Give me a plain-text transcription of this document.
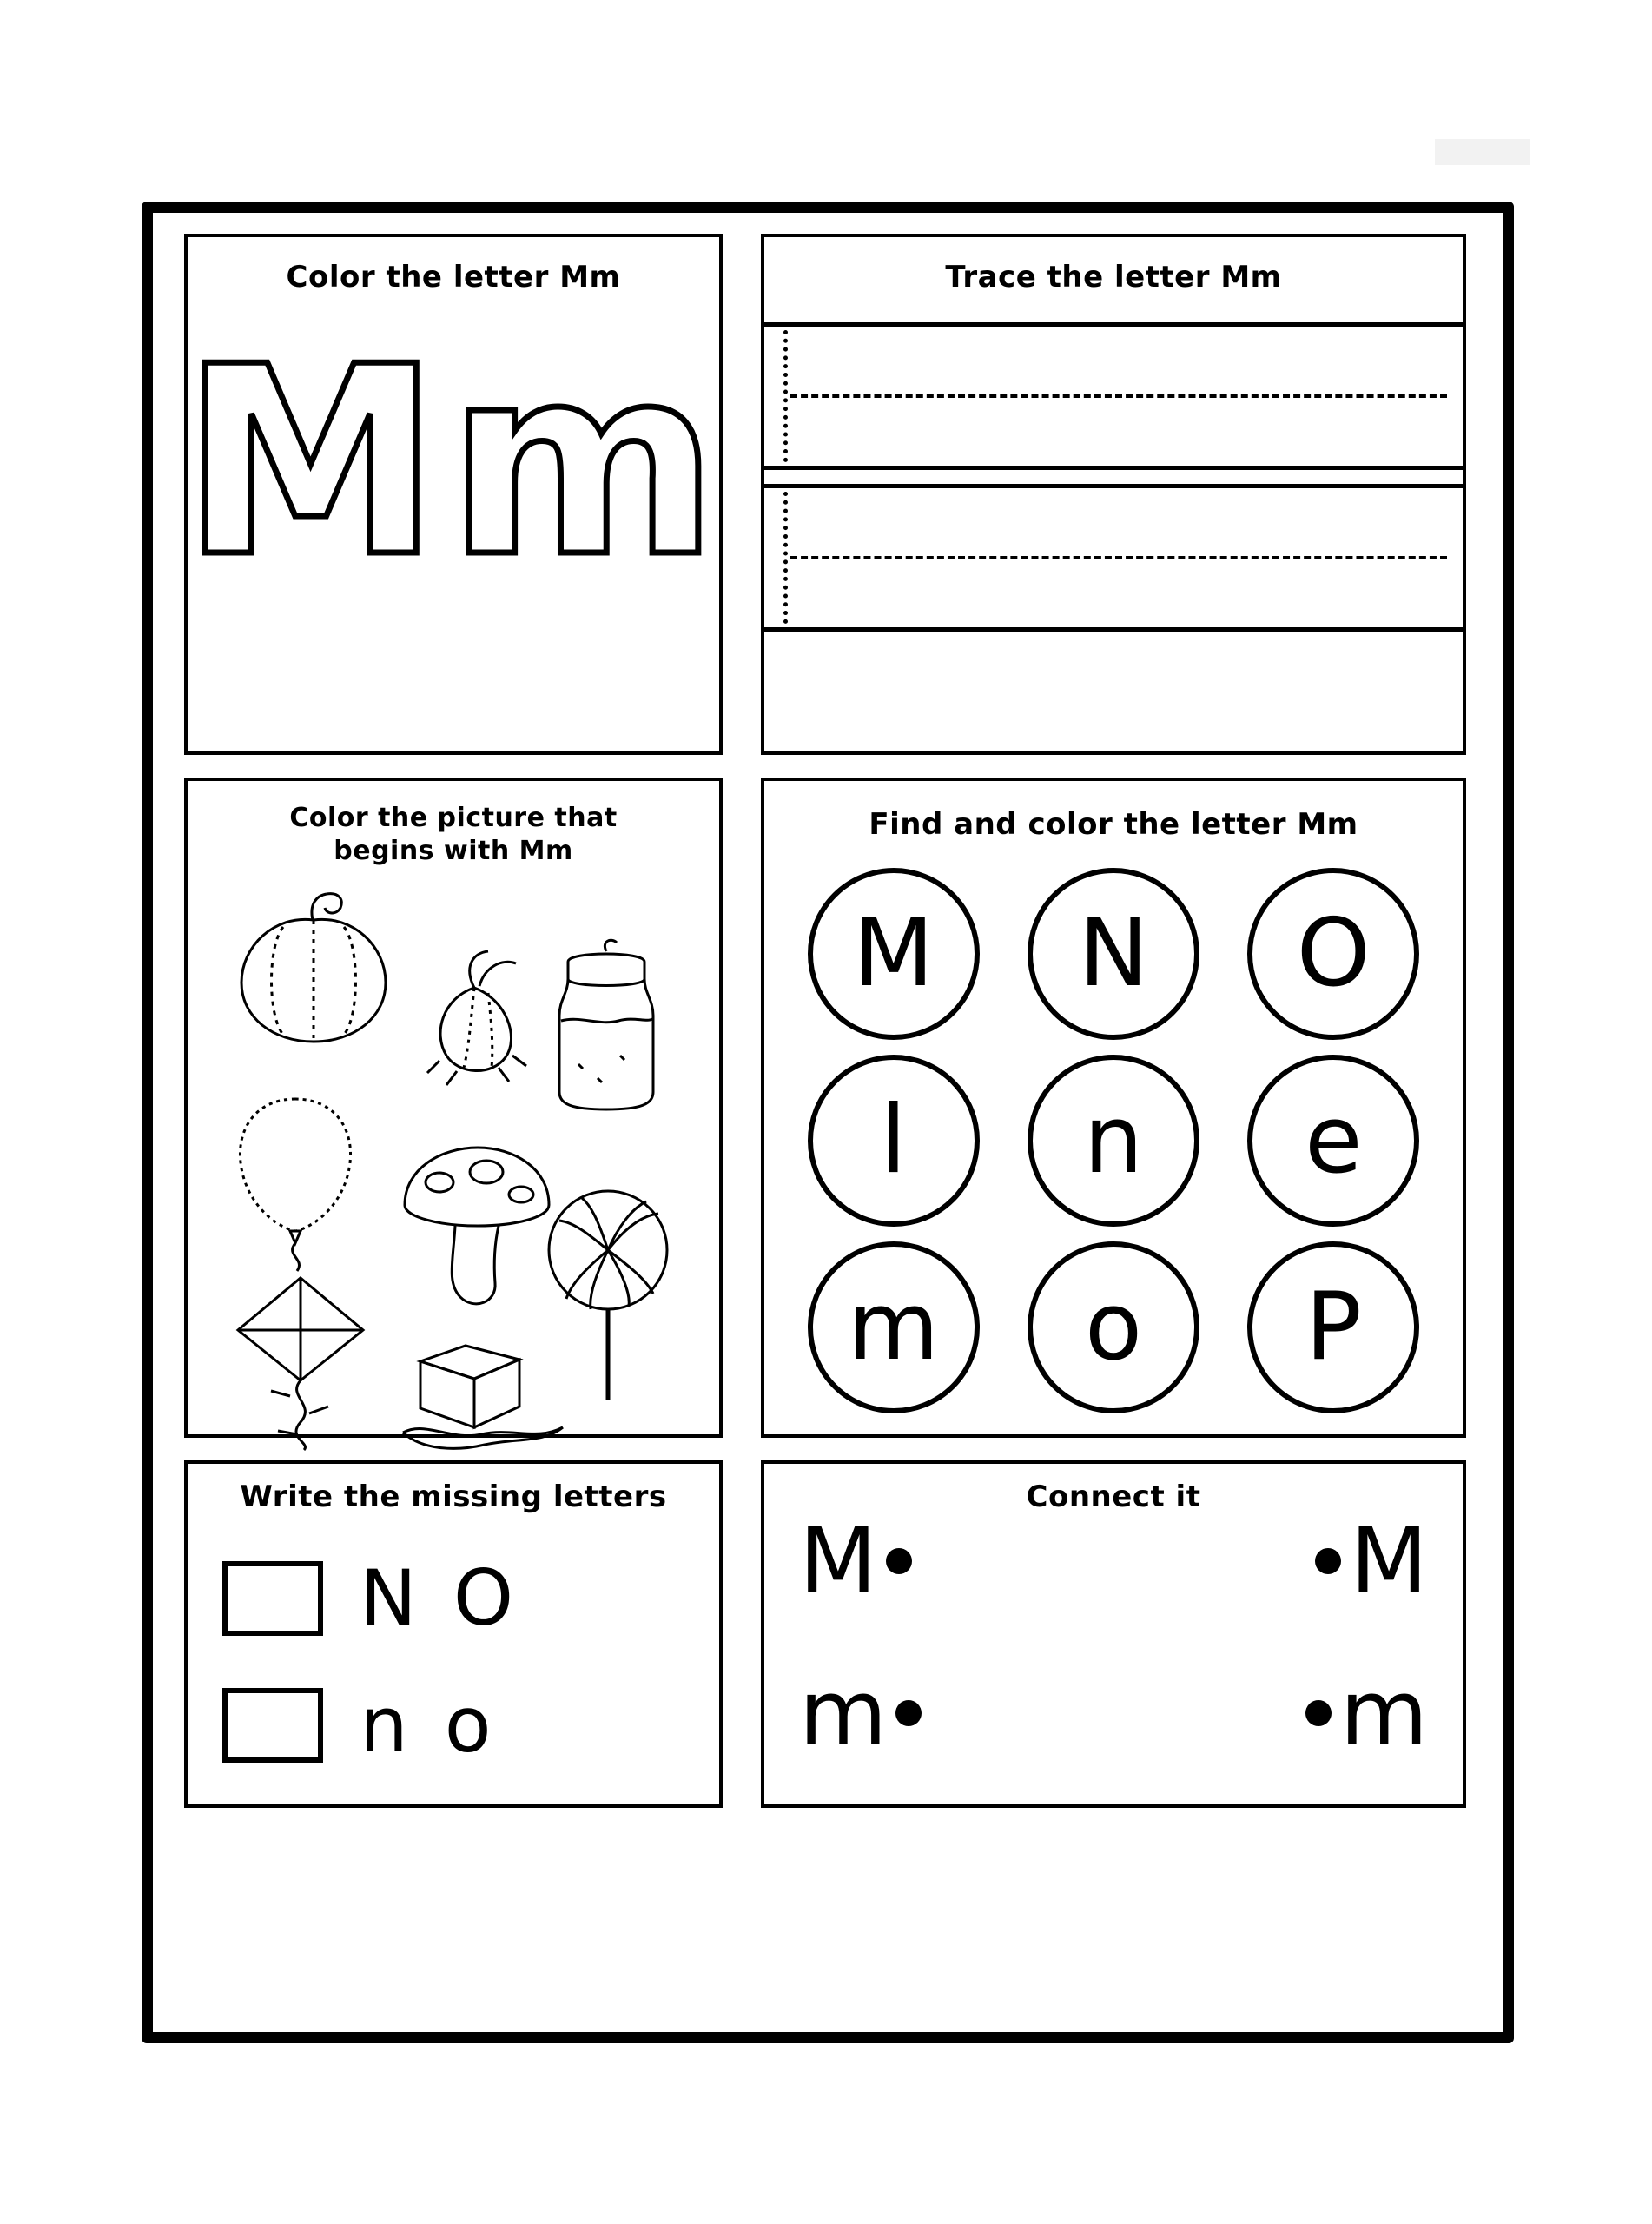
Color the letter Mm
Mm
Trace the letter Mm
Color the picture that
begins with Mm
Find and color the letter Mm
M	N	O
l	n	e
m	o	P
Write the missing letters
N O
n o
Connect it
M	M
m	m
